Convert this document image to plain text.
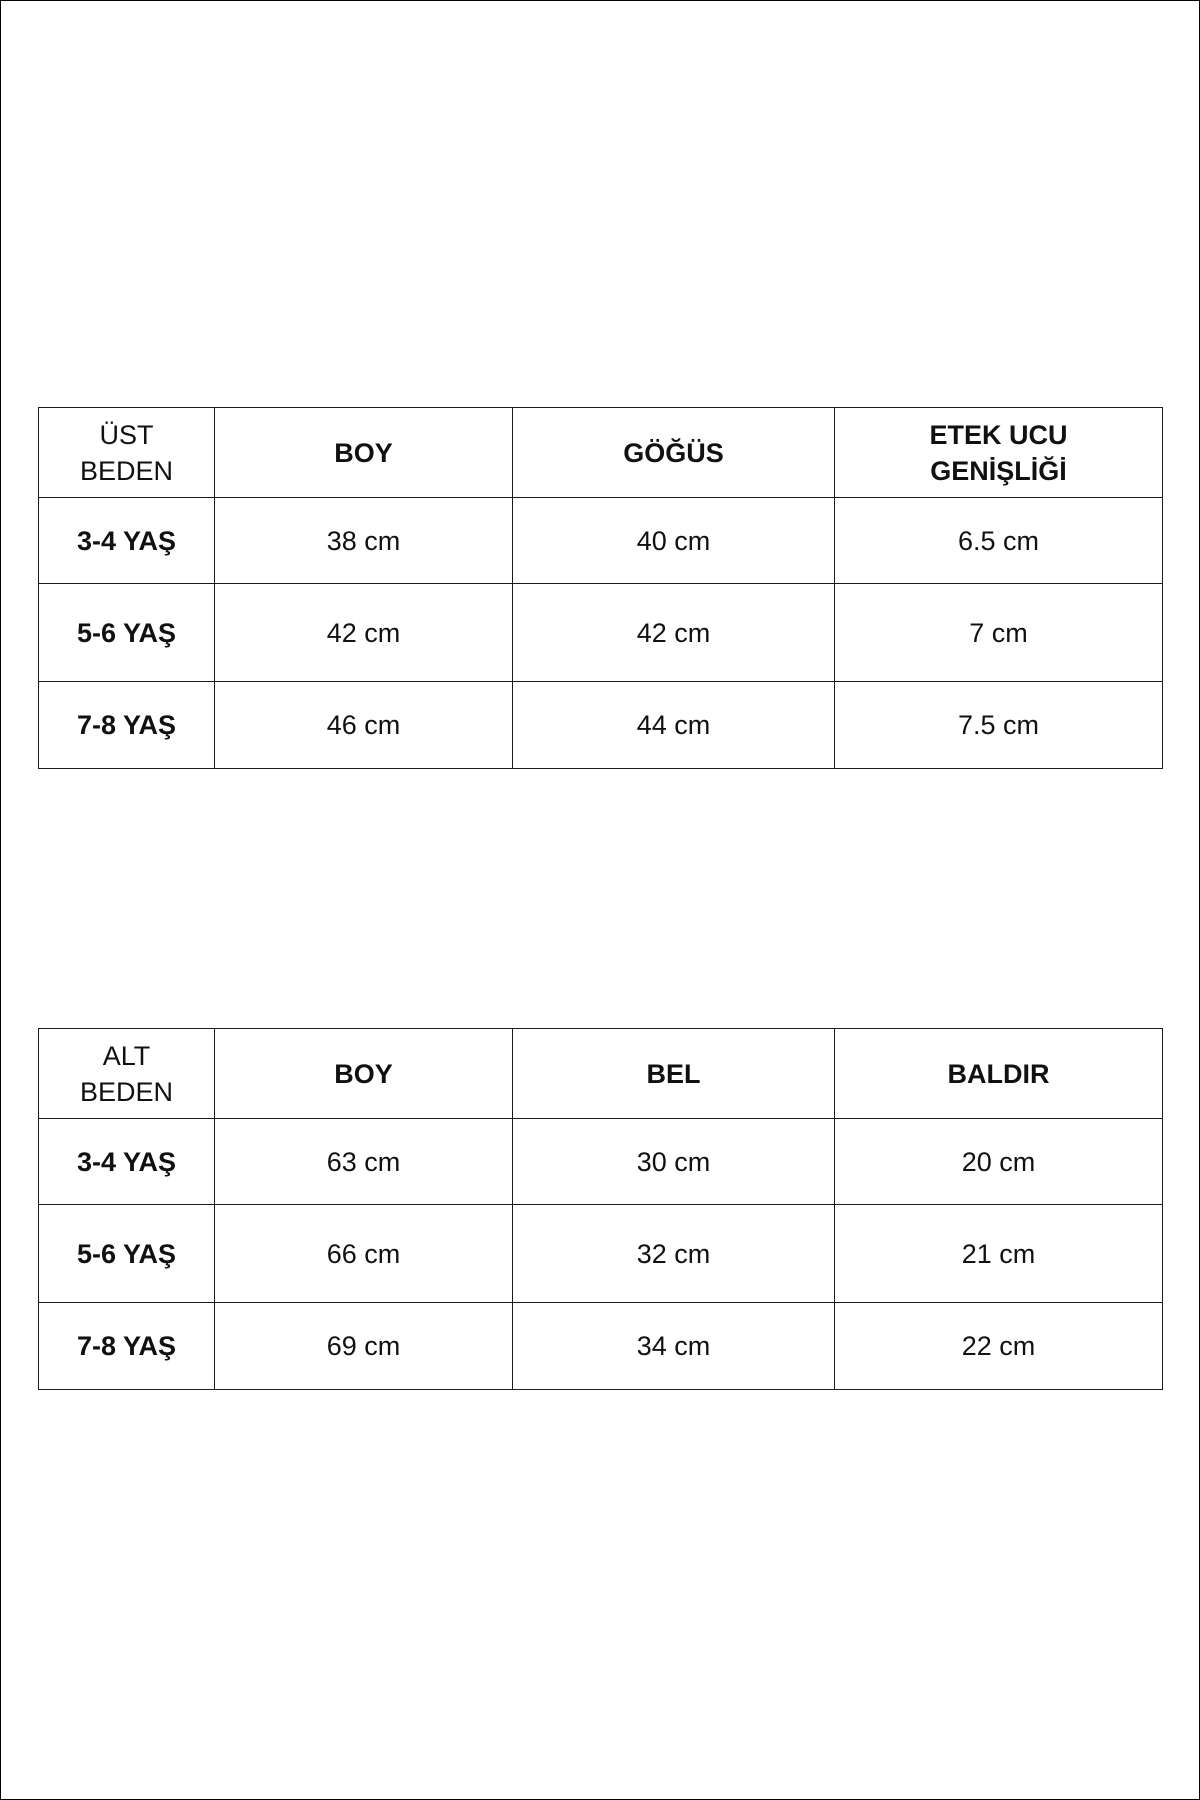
ÜST
BEDEN	BOY	GÖĞÜS	ETEK UCU
GENİŞLİĞİ

3-4 YAŞ	38 cm	40 cm	6.5 cm
5-6 YAŞ	42 cm	42 cm	7 cm
7-8 YAŞ	46 cm	44 cm	7.5 cm
ALT
BEDEN	BOY	BEL	BALDIR

3-4 YAŞ	63 cm	30 cm	20 cm
5-6 YAŞ	66 cm	32 cm	21 cm
7-8 YAŞ	69 cm	34 cm	22 cm
